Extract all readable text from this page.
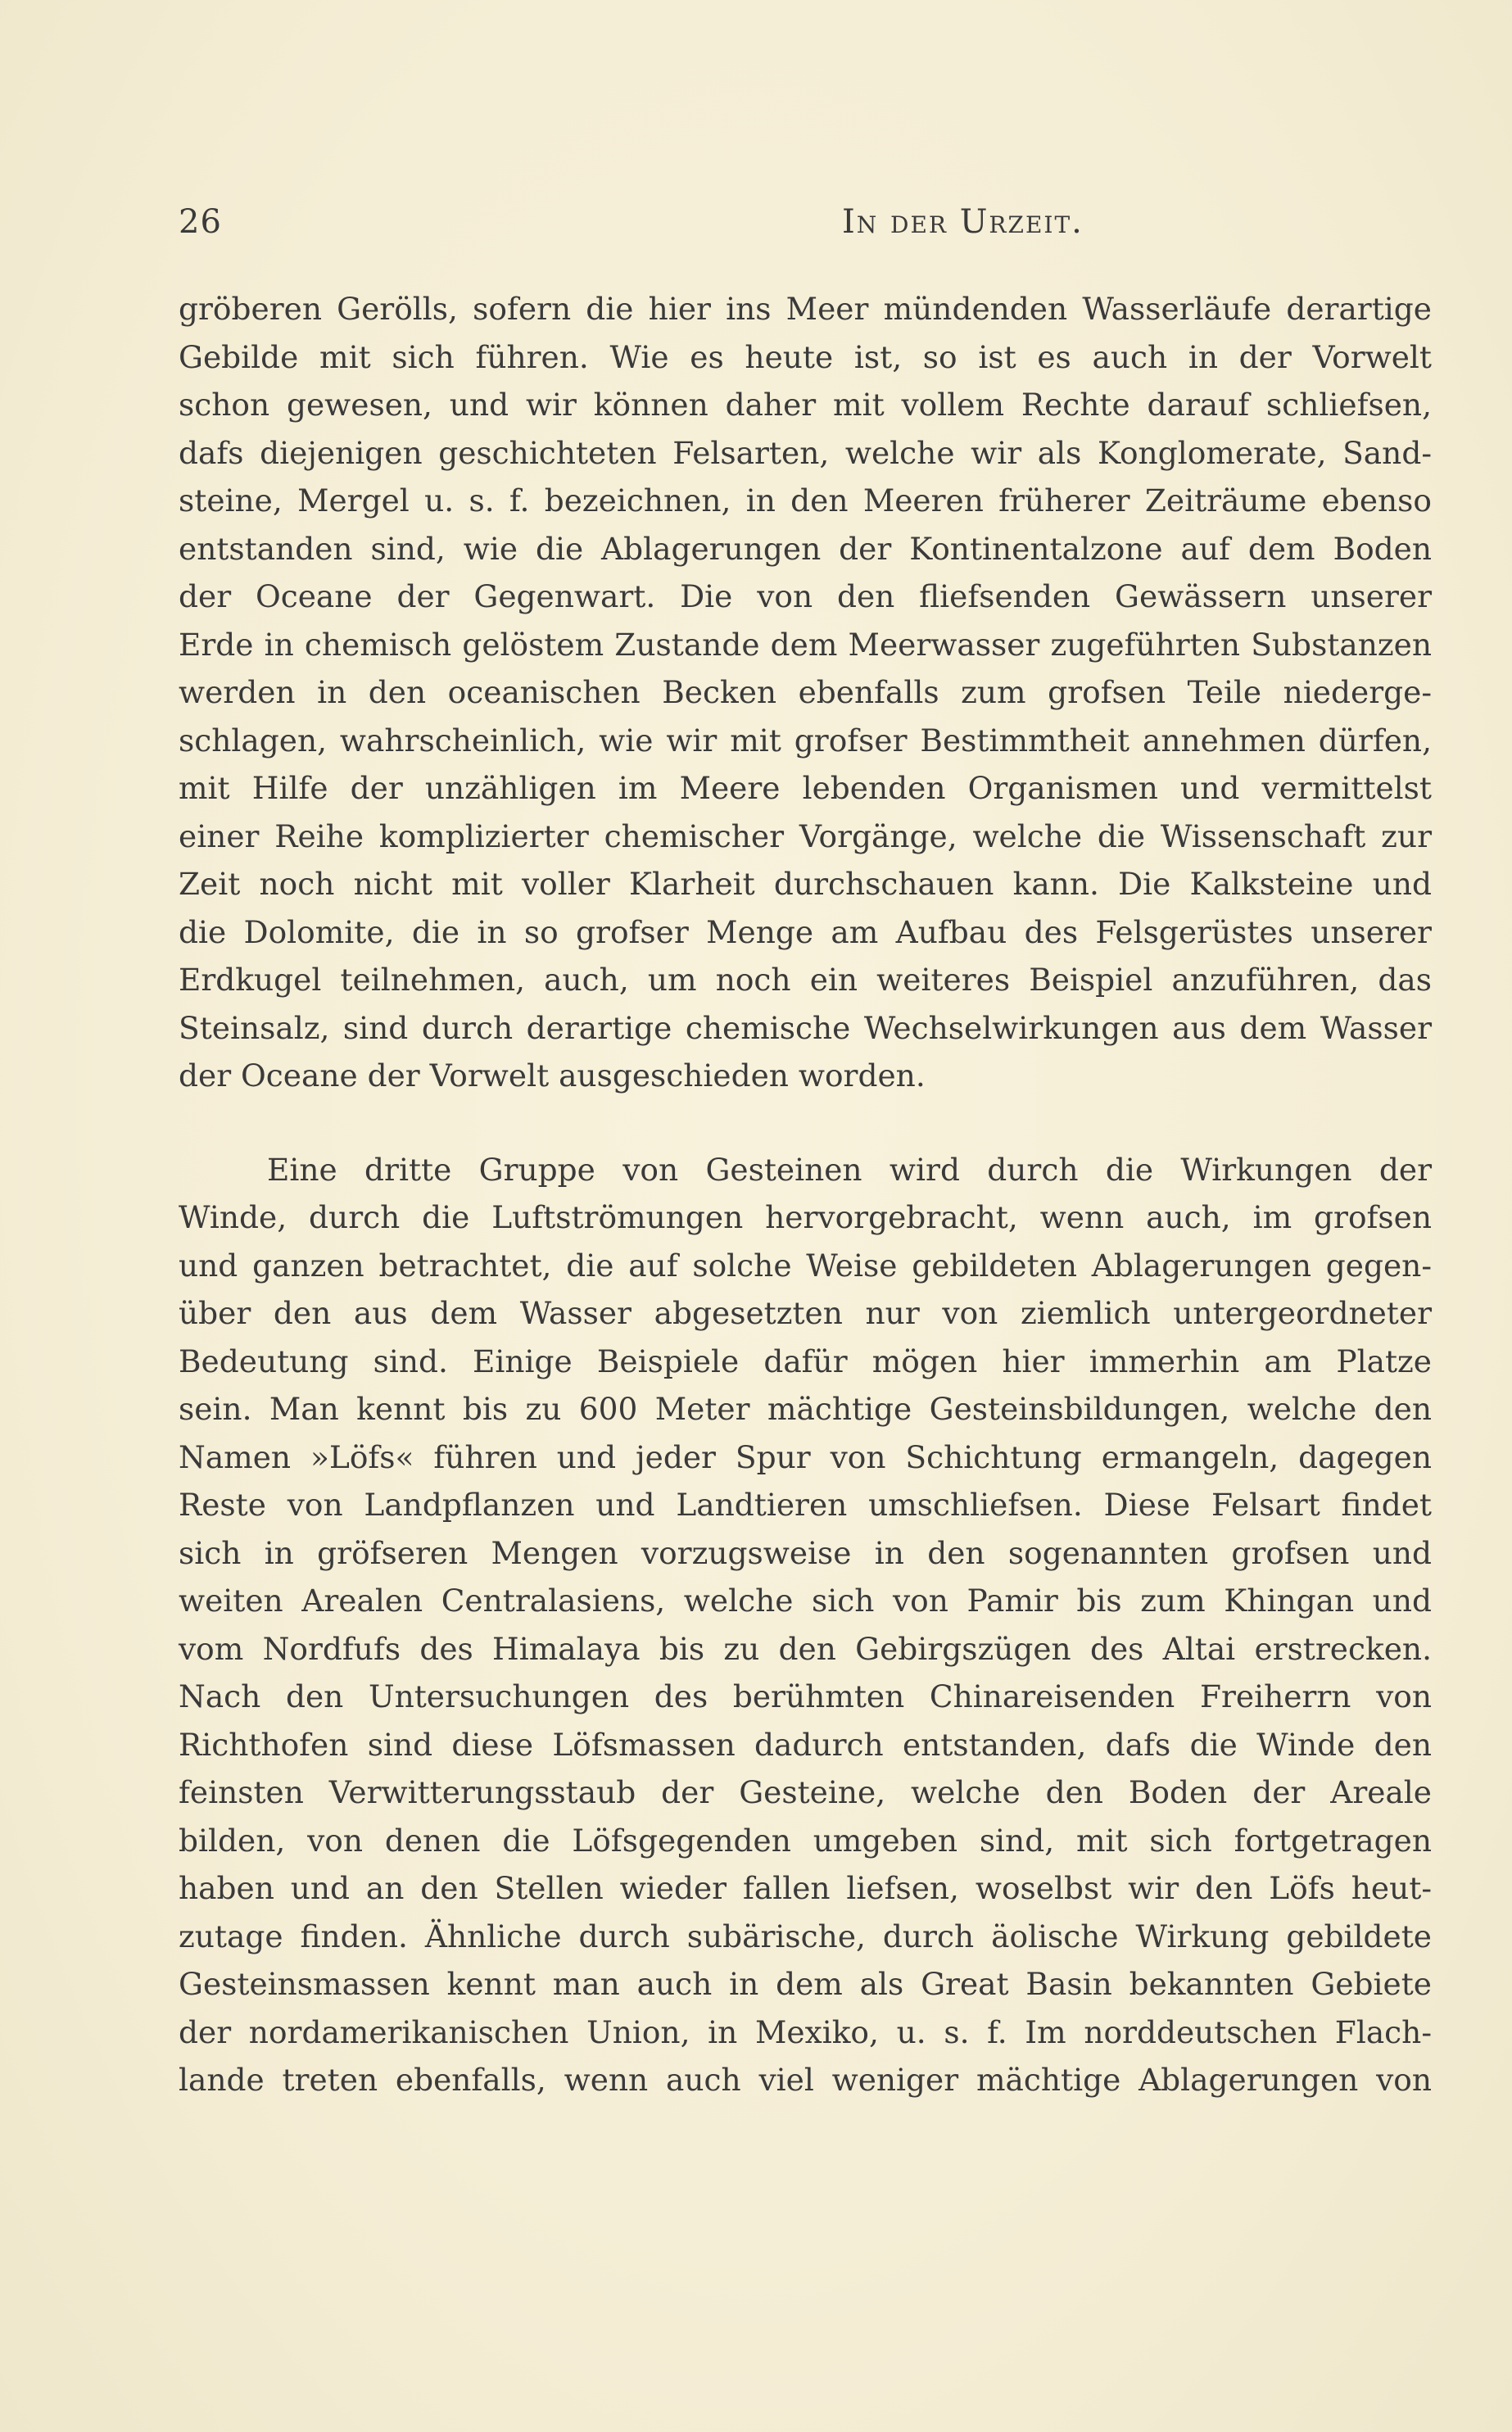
26	In der Urzeit.
gröberen Gerölls, sofern die hier ins Meer mündenden Wasserläufe derartige
Gebilde mit sich führen. Wie es heute ist, so ist es auch in der Vorwelt
schon gewesen, und wir können daher mit vollem Rechte darauf schliefsen,
dafs diejenigen geschichteten Felsarten, welche wir als Konglomerate, Sand-
steine, Mergel u. s. f. bezeichnen, in den Meeren früherer Zeiträume ebenso
entstanden sind, wie die Ablagerungen der Kontinentalzone auf dem Boden
der Oceane der Gegenwart. Die von den fliefsenden Gewässern unserer
Erde in chemisch gelöstem Zustande dem Meerwasser zugeführten Substanzen
werden in den oceanischen Becken ebenfalls zum grofsen Teile niederge-
schlagen, wahrscheinlich, wie wir mit grofser Bestimmtheit annehmen dürfen,
mit Hilfe der unzähligen im Meere lebenden Organismen und vermittelst
einer Reihe komplizierter chemischer Vorgänge, welche die Wissenschaft zur
Zeit noch nicht mit voller Klarheit durchschauen kann. Die Kalksteine und
die Dolomite, die in so grofser Menge am Aufbau des Felsgerüstes unserer
Erdkugel teilnehmen, auch, um noch ein weiteres Beispiel anzuführen, das
Steinsalz, sind durch derartige chemische Wechselwirkungen aus dem Wasser
der Oceane der Vorwelt ausgeschieden worden.
Eine dritte Gruppe von Gesteinen wird durch die Wirkungen der
Winde, durch die Luftströmungen hervorgebracht, wenn auch, im grofsen
und ganzen betrachtet, die auf solche Weise gebildeten Ablagerungen gegen-
über den aus dem Wasser abgesetzten nur von ziemlich untergeordneter
Bedeutung sind. Einige Beispiele dafür mögen hier immerhin am Platze
sein. Man kennt bis zu 600 Meter mächtige Gesteinsbildungen, welche den
Namen »Löfs« führen und jeder Spur von Schichtung ermangeln, dagegen
Reste von Landpflanzen und Landtieren umschliefsen. Diese Felsart findet
sich in gröfseren Mengen vorzugsweise in den sogenannten grofsen und
weiten Arealen Centralasiens, welche sich von Pamir bis zum Khingan und
vom Nordfufs des Himalaya bis zu den Gebirgszügen des Altai erstrecken.
Nach den Untersuchungen des berühmten Chinareisenden Freiherrn von
Richthofen sind diese Löfsmassen dadurch entstanden, dafs die Winde den
feinsten Verwitterungsstaub der Gesteine, welche den Boden der Areale
bilden, von denen die Löfsgegenden umgeben sind, mit sich fortgetragen
haben und an den Stellen wieder fallen liefsen, woselbst wir den Löfs heut-
zutage finden. Ähnliche durch subärische, durch äolische Wirkung gebildete
Gesteinsmassen kennt man auch in dem als Great Basin bekannten Gebiete
der nordamerikanischen Union, in Mexiko, u. s. f. Im norddeutschen Flach-
lande treten ebenfalls, wenn auch viel weniger mächtige Ablagerungen von
